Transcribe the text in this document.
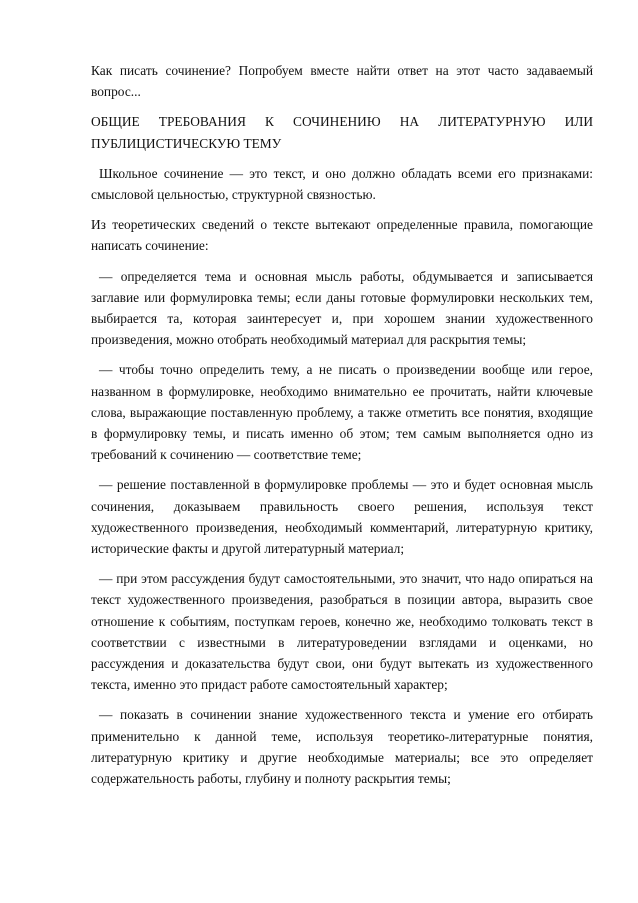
Как писать сочинение? Попробуем вместе найти ответ на этот часто задаваемый вопрос...

ОБЩИЕ ТРЕБОВАНИЯ К СОЧИНЕНИЮ НА ЛИТЕРАТУРНУЮ ИЛИ ПУБЛИЦИСТИЧЕСКУЮ ТЕМУ

Школьное сочинение — это текст, и оно должно обладать всеми его признаками: смысловой цельностью, структурной связностью.

Из теоретических сведений о тексте вытекают определенные правила, помогающие написать сочинение:

— определяется тема и основная мысль работы, обдумывается и записывается заглавие или формулировка темы; если даны готовые формулировки нескольких тем, выбирается та, которая заинтересует и, при хорошем знании художественного произведения, можно отобрать необходимый материал для раскрытия темы;

— чтобы точно определить тему, а не писать о произведении вообще или герое, названном в формулировке, необходимо внимательно ее прочитать, найти ключевые слова, выражающие поставленную проблему, а также отметить все понятия, входящие в формулировку темы, и писать именно об этом; тем самым выполняется одно из требований к сочинению — соответствие теме;

— решение поставленной в формулировке проблемы — это и будет основная мысль сочинения, доказываем правильность своего решения, используя текст художественного произведения, необходимый комментарий, литературную критику, исторические факты и другой литературный материал;

— при этом рассуждения будут самостоятельными, это значит, что надо опираться на текст художественного произведения, разобраться в позиции автора, выразить свое отношение к событиям, поступкам героев, конечно же, необходимо толковать текст в соответствии с известными в литературоведении взглядами и оценками, но рассуждения и доказательства будут свои, они будут вытекать из художественного текста, именно это придаст работе самостоятельный характер;

— показать в сочинении знание художественного текста и умение его отбирать применительно к данной теме, используя теоретико-литературные понятия, литературную критику и другие необходимые материалы; все это определяет содержательность работы, глубину и полноту раскрытия темы;
